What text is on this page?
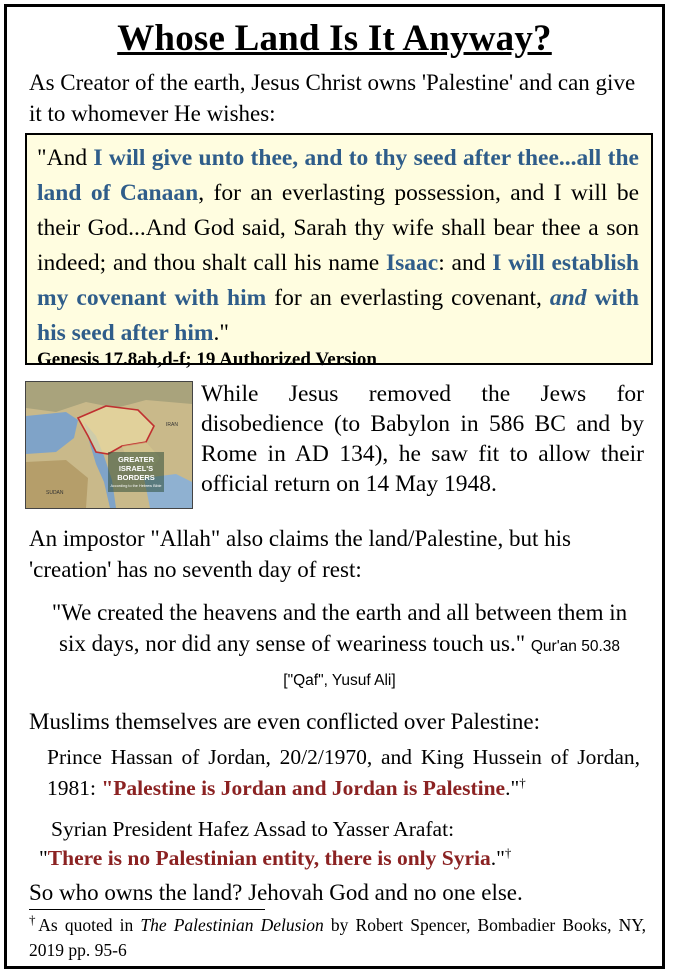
Whose Land Is It Anyway?
As Creator of the earth, Jesus Christ owns 'Palestine' and can give it to whomever He wishes:
"And I will give unto thee, and to thy seed after thee...all the land of Canaan, for an everlasting possession, and I will be their God...And God said, Sarah thy wife shall bear thee a son indeed; and thou shalt call his name Isaac: and I will establish my covenant with him for an everlasting covenant, and with his seed after him."
Genesis 17.8ab,d-f; 19 Authorized Version
GREATER
ISRAEL'S
BORDERS
According to the Hebrew Bible
SUDAN
IRAN
While Jesus removed the Jews for disobedience (to Babylon in 586 BC and by Rome in AD 134), he saw fit to allow their official return on 14 May 1948.
An impostor "Allah" also claims the land/Palestine, but his 'creation' has no seventh day of rest:
"We created the heavens and the earth and all between them in six days, nor did any sense of weariness touch us." Qur'an 50.38 ["Qaf", Yusuf Ali]
Muslims themselves are even conflicted over Palestine:
Prince Hassan of Jordan, 20/2/1970, and King Hussein of Jordan, 1981: "Palestine is Jordan and Jordan is Palestine."†
Syrian President Hafez Assad to Yasser Arafat:
"There is no Palestinian entity, there is only Syria."†
So who owns the land? Jehovah God and no one else.
†As quoted in The Palestinian Delusion by Robert Spencer, Bombadier Books, NY, 2019 pp. 95-6
